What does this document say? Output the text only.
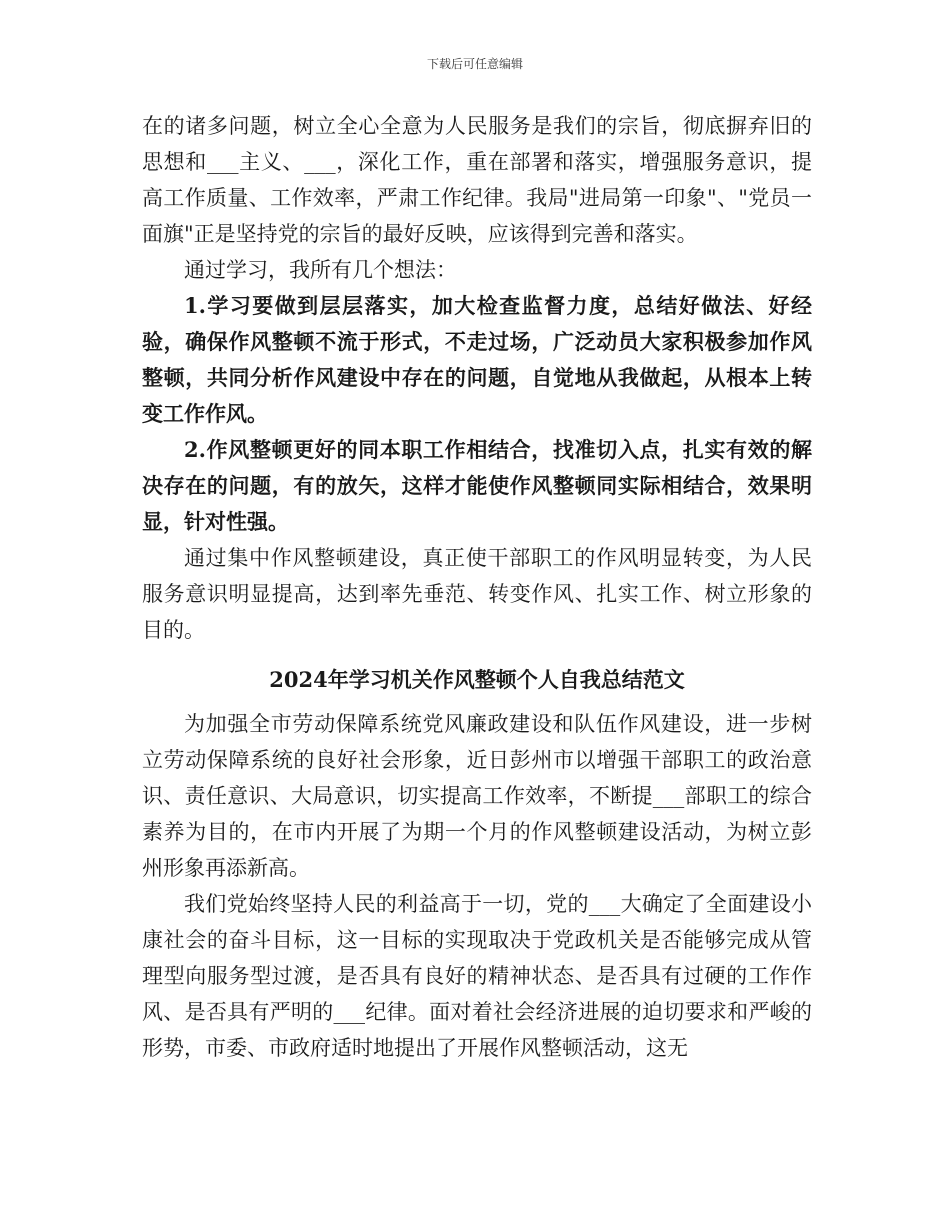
下载后可任意编辑

在的诸多问题，树立全心全意为人民服务是我们的宗旨，彻底摒弃旧的思想和___主义、___，深化工作，重在部署和落实，增强服务意识，提高工作质量、工作效率，严肃工作纪律。我局"进局第一印象"、"党员一面旗"正是坚持党的宗旨的最好反映，应该得到完善和落实。

通过学习，我所有几个想法：

1.学习要做到层层落实，加大检查监督力度，总结好做法、好经验，确保作风整顿不流于形式，不走过场，广泛动员大家积极参加作风整顿，共同分析作风建设中存在的问题，自觉地从我做起，从根本上转变工作作风。

2.作风整顿更好的同本职工作相结合，找准切入点，扎实有效的解决存在的问题，有的放矢，这样才能使作风整顿同实际相结合，效果明显，针对性强。

通过集中作风整顿建设，真正使干部职工的作风明显转变，为人民服务意识明显提高，达到率先垂范、转变作风、扎实工作、树立形象的目的。

2024年学习机关作风整顿个人自我总结范文

为加强全市劳动保障系统党风廉政建设和队伍作风建设，进一步树立劳动保障系统的良好社会形象，近日彭州市以增强干部职工的政治意识、责任意识、大局意识，切实提高工作效率，不断提___部职工的综合素养为目的，在市内开展了为期一个月的作风整顿建设活动，为树立彭州形象再添新高。

我们党始终坚持人民的利益高于一切，党的___大确定了全面建设小康社会的奋斗目标，这一目标的实现取决于党政机关是否能够完成从管理型向服务型过渡，是否具有良好的精神状态、是否具有过硬的工作作风、是否具有严明的___纪律。面对着社会经济进展的迫切要求和严峻的形势，市委、市政府适时地提出了开展作风整顿活动，这无
